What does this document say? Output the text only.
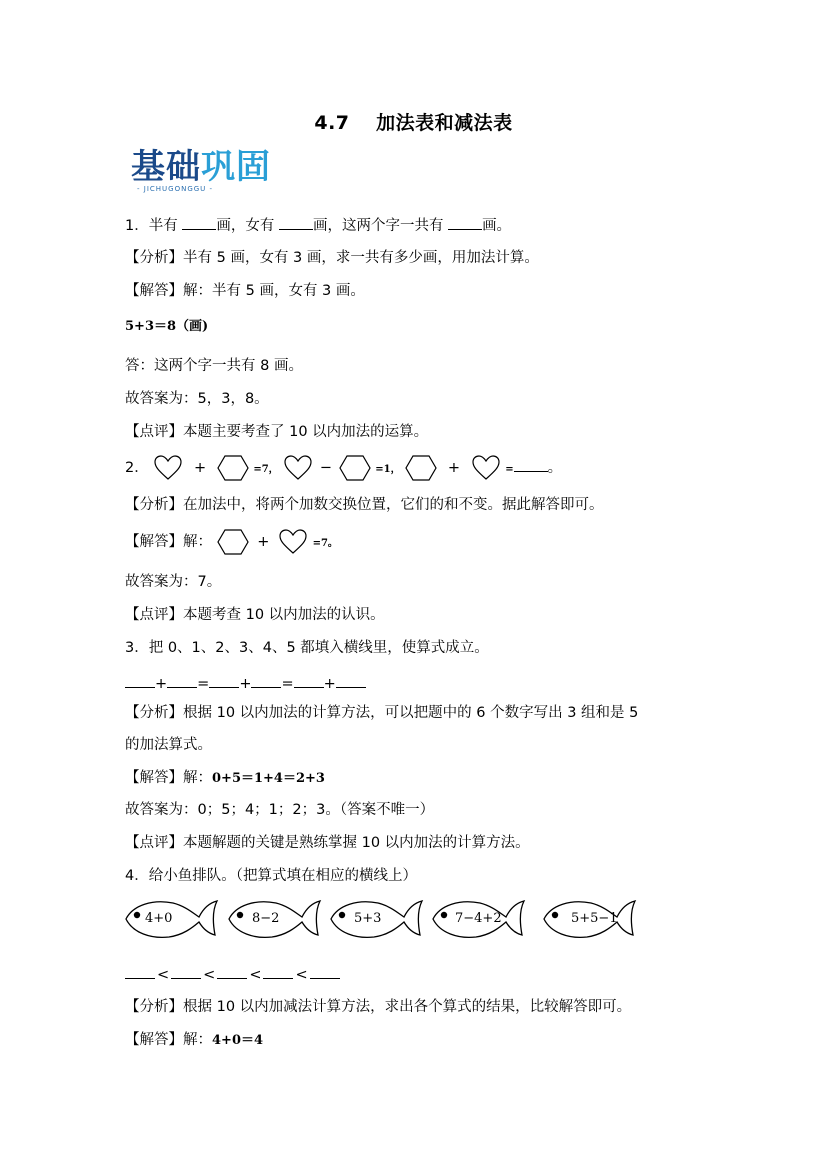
4.7　 加法表和减法表
基础巩固
- JICHUGONGGU -
1．半有 画，女有 画，这两个字一共有 画。
【分析】半有 5 画，女有 3 画，求一共有多少画，用加法计算。
【解答】解：半有 5 画，女有 3 画。
5+3＝8（画)
答：这两个字一共有 8 画。
故答案为：5，3，8。
【点评】本题主要考查了 10 以内加法的运算。
2．	+	=7，	−	=1，	+	= 。
【分析】在加法中，将两个加数交换位置，它们的和不变。据此解答即可。
【解答】解：	+	=7。
故答案为：7。
【点评】本题考查 10 以内加法的认识。
3．把 0、1、2、3、4、5 都填入横线里，使算式成立。
+ = + = +
【分析】根据 10 以内加法的计算方法，可以把题中的 6 个数字写出 3 组和是 5
的加法算式。
【解答】解：0+5＝1+4＝2+3
故答案为：0；5；4；1；2；3。（答案不唯一）
【点评】本题解题的关键是熟练掌握 10 以内加法的计算方法。
4．给小鱼排队。（把算式填在相应的横线上）
4+0	8−2	5+3	7−4+2	5+5−1
< < < <
【分析】根据 10 以内加减法计算方法，求出各个算式的结果，比较解答即可。
【解答】解：4+0＝4
